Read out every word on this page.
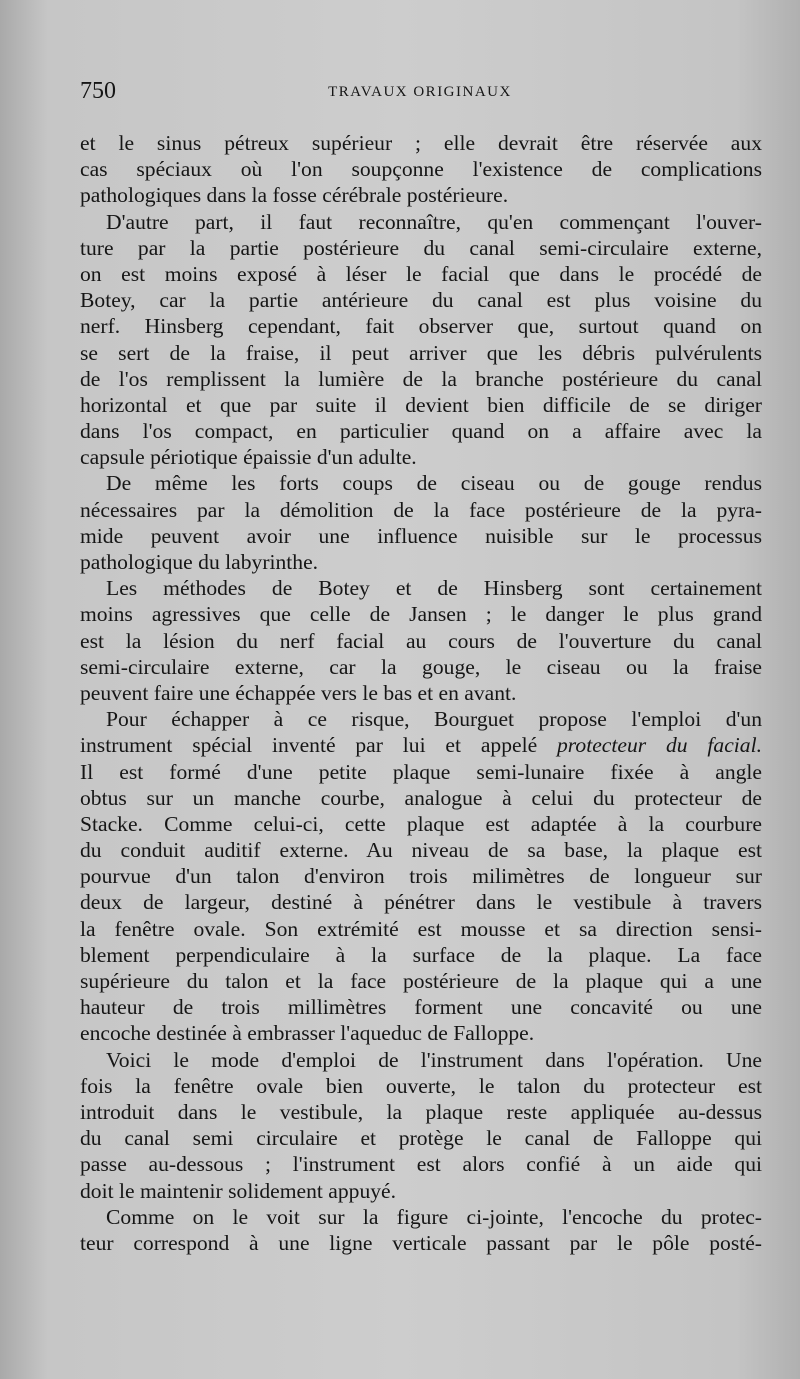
750	TRAVAUX ORIGINAUX
et le sinus pétreux supérieur ; elle devrait être réservée aux
cas spéciaux où l'on soupçonne l'existence de complications
pathologiques dans la fosse cérébrale postérieure.
D'autre part, il faut reconnaître, qu'en commençant l'ouver-
ture par la partie postérieure du canal semi-circulaire externe,
on est moins exposé à léser le facial que dans le procédé de
Botey, car la partie antérieure du canal est plus voisine du
nerf. Hinsberg cependant, fait observer que, surtout quand on
se sert de la fraise, il peut arriver que les débris pulvérulents
de l'os remplissent la lumière de la branche postérieure du canal
horizontal et que par suite il devient bien difficile de se diriger
dans l'os compact, en particulier quand on a affaire avec la
capsule périotique épaissie d'un adulte.
De même les forts coups de ciseau ou de gouge rendus
nécessaires par la démolition de la face postérieure de la pyra-
mide peuvent avoir une influence nuisible sur le processus
pathologique du labyrinthe.
Les méthodes de Botey et de Hinsberg sont certainement
moins agressives que celle de Jansen ; le danger le plus grand
est la lésion du nerf facial au cours de l'ouverture du canal
semi-circulaire externe, car la gouge, le ciseau ou la fraise
peuvent faire une échappée vers le bas et en avant.
Pour échapper à ce risque, Bourguet propose l'emploi d'un
instrument spécial inventé par lui et appelé protecteur du facial.
Il est formé d'une petite plaque semi-lunaire fixée à angle
obtus sur un manche courbe, analogue à celui du protecteur de
Stacke. Comme celui-ci, cette plaque est adaptée à la courbure
du conduit auditif externe. Au niveau de sa base, la plaque est
pourvue d'un talon d'environ trois milimètres de longueur sur
deux de largeur, destiné à pénétrer dans le vestibule à travers
la fenêtre ovale. Son extrémité est mousse et sa direction sensi-
blement perpendiculaire à la surface de la plaque. La face
supérieure du talon et la face postérieure de la plaque qui a une
hauteur de trois millimètres forment une concavité ou une
encoche destinée à embrasser l'aqueduc de Falloppe.
Voici le mode d'emploi de l'instrument dans l'opération. Une
fois la fenêtre ovale bien ouverte, le talon du protecteur est
introduit dans le vestibule, la plaque reste appliquée au-dessus
du canal semi circulaire et protège le canal de Falloppe qui
passe au-dessous ; l'instrument est alors confié à un aide qui
doit le maintenir solidement appuyé.
Comme on le voit sur la figure ci-jointe, l'encoche du protec-
teur correspond à une ligne verticale passant par le pôle posté-
